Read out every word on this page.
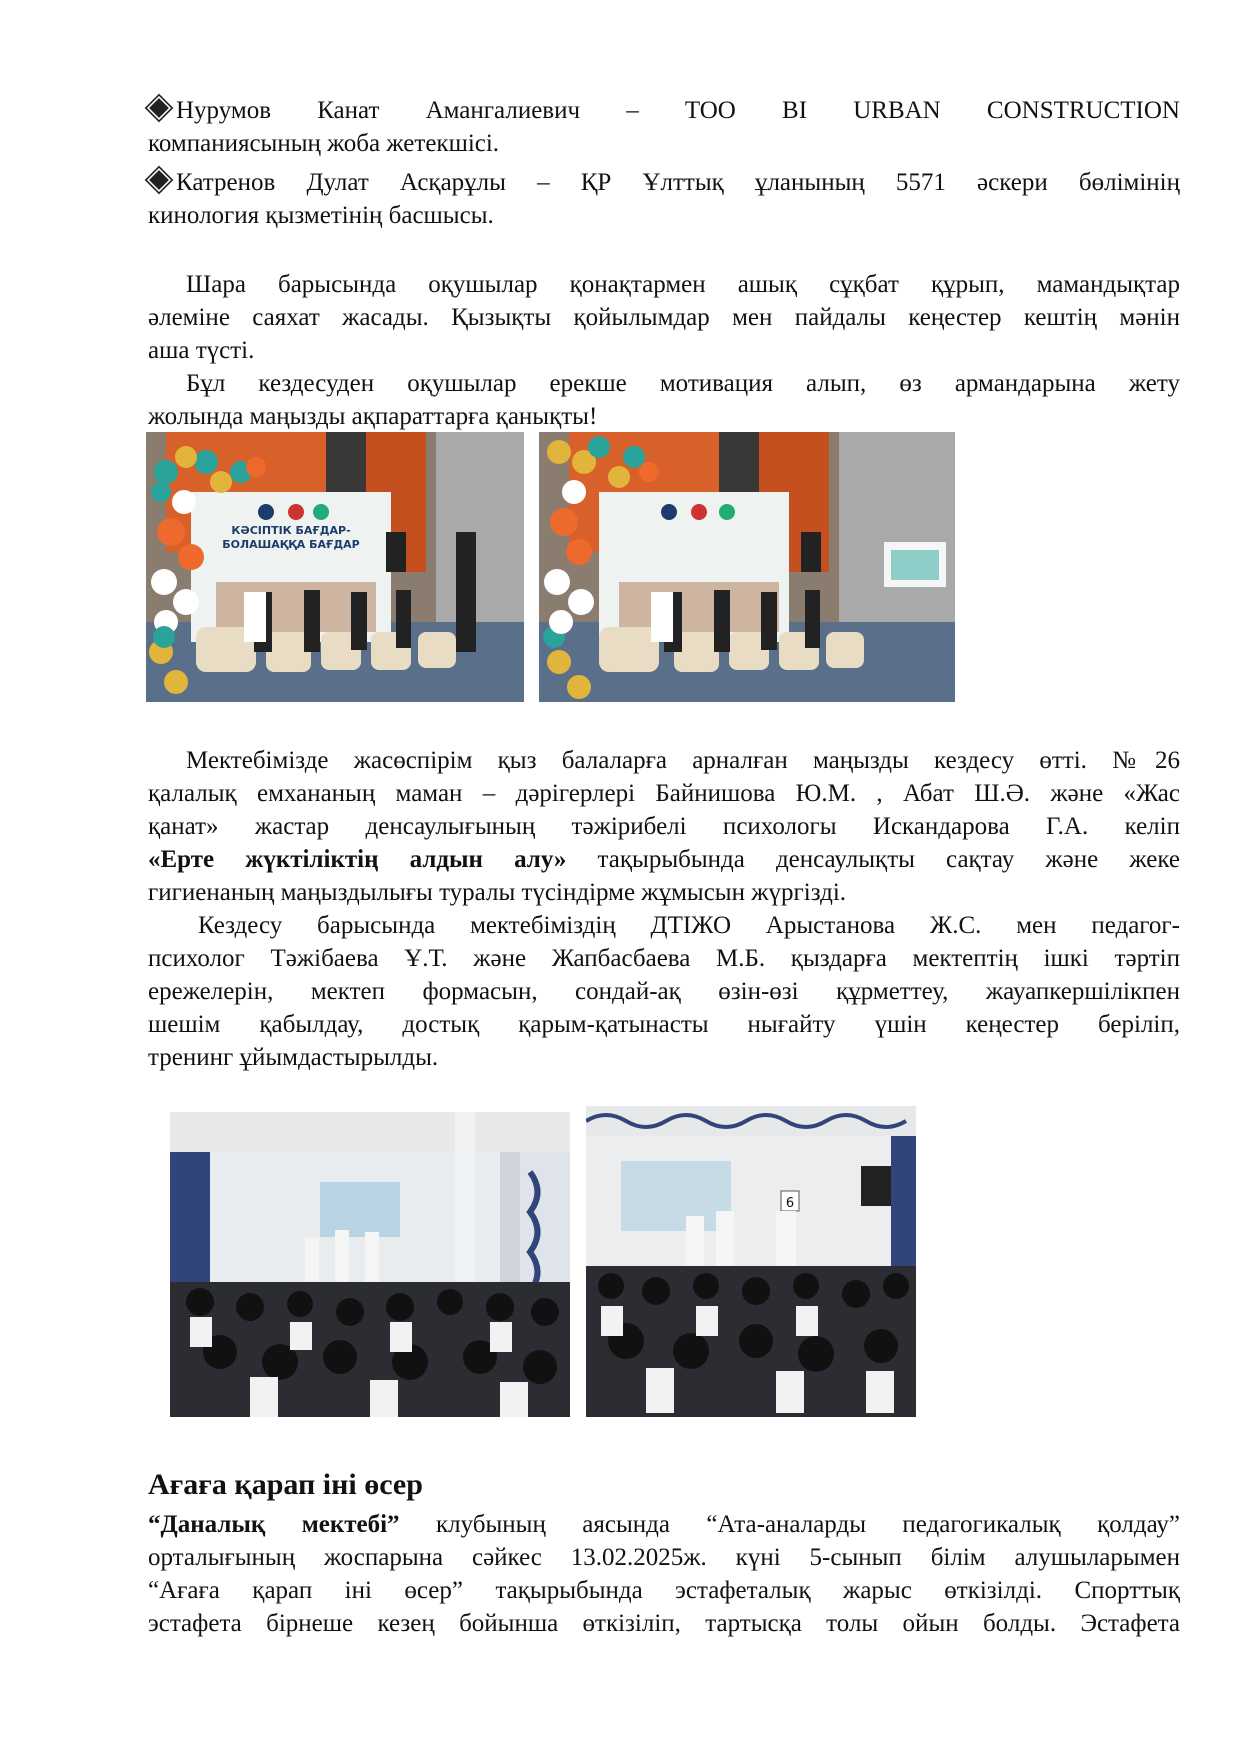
Нурумов Канат Амангалиевич – TOO BI URBAN CONSTRUCTION
компаниясының жоба жетекшісі.
Катренов Дулат Асқарұлы – ҚР Ұлттық ұланының 5571 әскери бөлімінің
кинология қызметінің басшысы.
Шара барысында оқушылар қонақтармен ашық сұқбат құрып, мамандықтар
әлеміне саяхат жасады. Қызықты қойылымдар мен пайдалы кеңестер кештің мәнін
аша түсті.
Бұл кездесуден оқушылар ерекше мотивация алып, өз армандарына жету
жолында маңызды ақпараттарға қанықты!
КӘСІПТІК БАҒДАР-
БОЛАШАҚҚА БАҒДАР
Мектебімізде жасөспірім қыз балаларға арналған маңызды кездесу өтті. №26
қалалық емхананың маман – дәрігерлері Байнишова Ю.М. , Абат Ш.Ә. және «Жас
қанат» жастар денсаулығының тәжірибелі психологы Искандарова Г.А. келіп
«Ерте жүктіліктің алдын алу» тақырыбында денсаулықты сақтау және жеке
гигиенаның маңыздылығы туралы түсіндірме жұмысын жүргізді.
Кездесу барысында мектебіміздің ДТІЖО Арыстанова Ж.С. мен педагог-
психолог Тәжібаева Ұ.Т. және Жапбасбаева М.Б. қыздарға мектептің ішкі тәртіп
ережелерін, мектеп формасын, сондай-ақ өзін-өзі құрметтеу, жауапкершілікпен
шешім қабылдау, достық қарым-қатынасты нығайту үшін кеңестер беріліп,
тренинг ұйымдастырылды.
6
Ағаға қарап іні өсер
“Даналық мектебі” клубының аясында “Ата-аналарды педагогикалық қолдау”
орталығының жоспарына сәйкес 13.02.2025ж. күні 5-сынып білім алушыларымен
“Ағаға қарап іні өсер” тақырыбында эстафеталық жарыс өткізілді. Спорттық
эстафета бірнеше кезең бойынша өткізіліп, тартысқа толы ойын болды. Эстафета
